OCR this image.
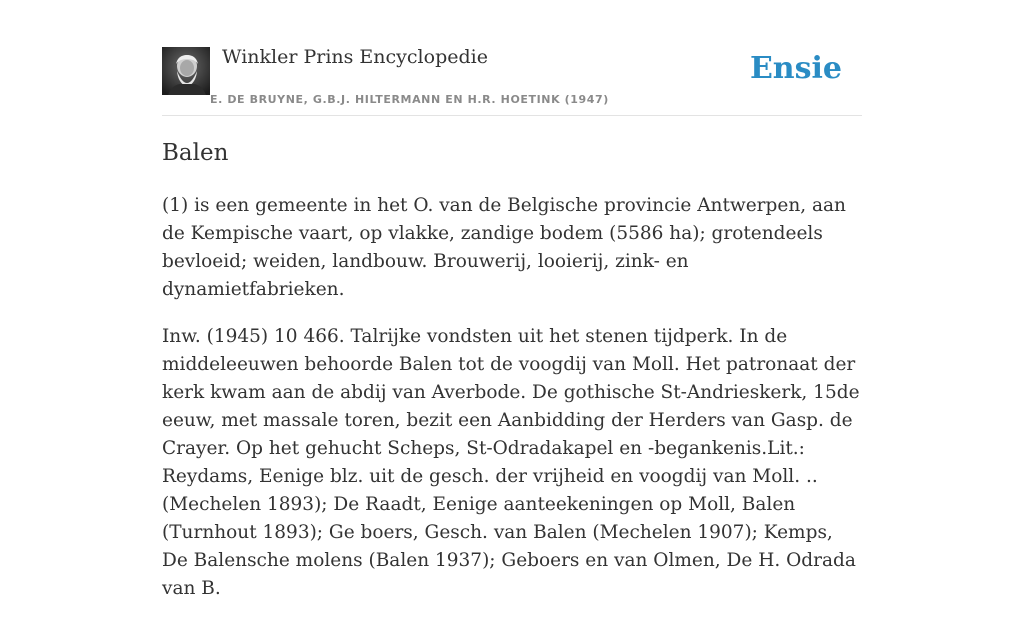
Winkler Prins Encyclopedie
E. DE BRUYNE, G.B.J. HILTERMANN EN H.R. HOETINK (1947)
Ensie
Balen

(1) is een gemeente in het O. van de Belgische provincie Antwerpen, aan de Kempische vaart, op vlakke, zandige bodem (5586 ha); grotendeels bevloeid; weiden, landbouw. Brouwerij, looierij, zink- en dynamietfabrieken.

Inw. (1945) 10 466. Talrijke vondsten uit het stenen tijdperk. In de middeleeuwen behoorde Balen tot de voogdij van Moll. Het patronaat der kerk kwam aan de abdij van Averbode. De gothische St-Andrieskerk, 15de eeuw, met massale toren, bezit een Aanbidding der Herders van Gasp. de Crayer. Op het gehucht Scheps, St-Odradakapel en -begankenis.Lit.: Reydams, Eenige blz. uit de gesch. der vrijheid en voogdij van Moll. .. (Mechelen 1893); De Raadt, Eenige aanteekeningen op Moll, Balen (Turnhout 1893); Ge boers, Gesch. van Balen (Mechelen 1907); Kemps, De Balensche molens (Balen 1937); Geboers en van Olmen, De H. Odrada van B.
